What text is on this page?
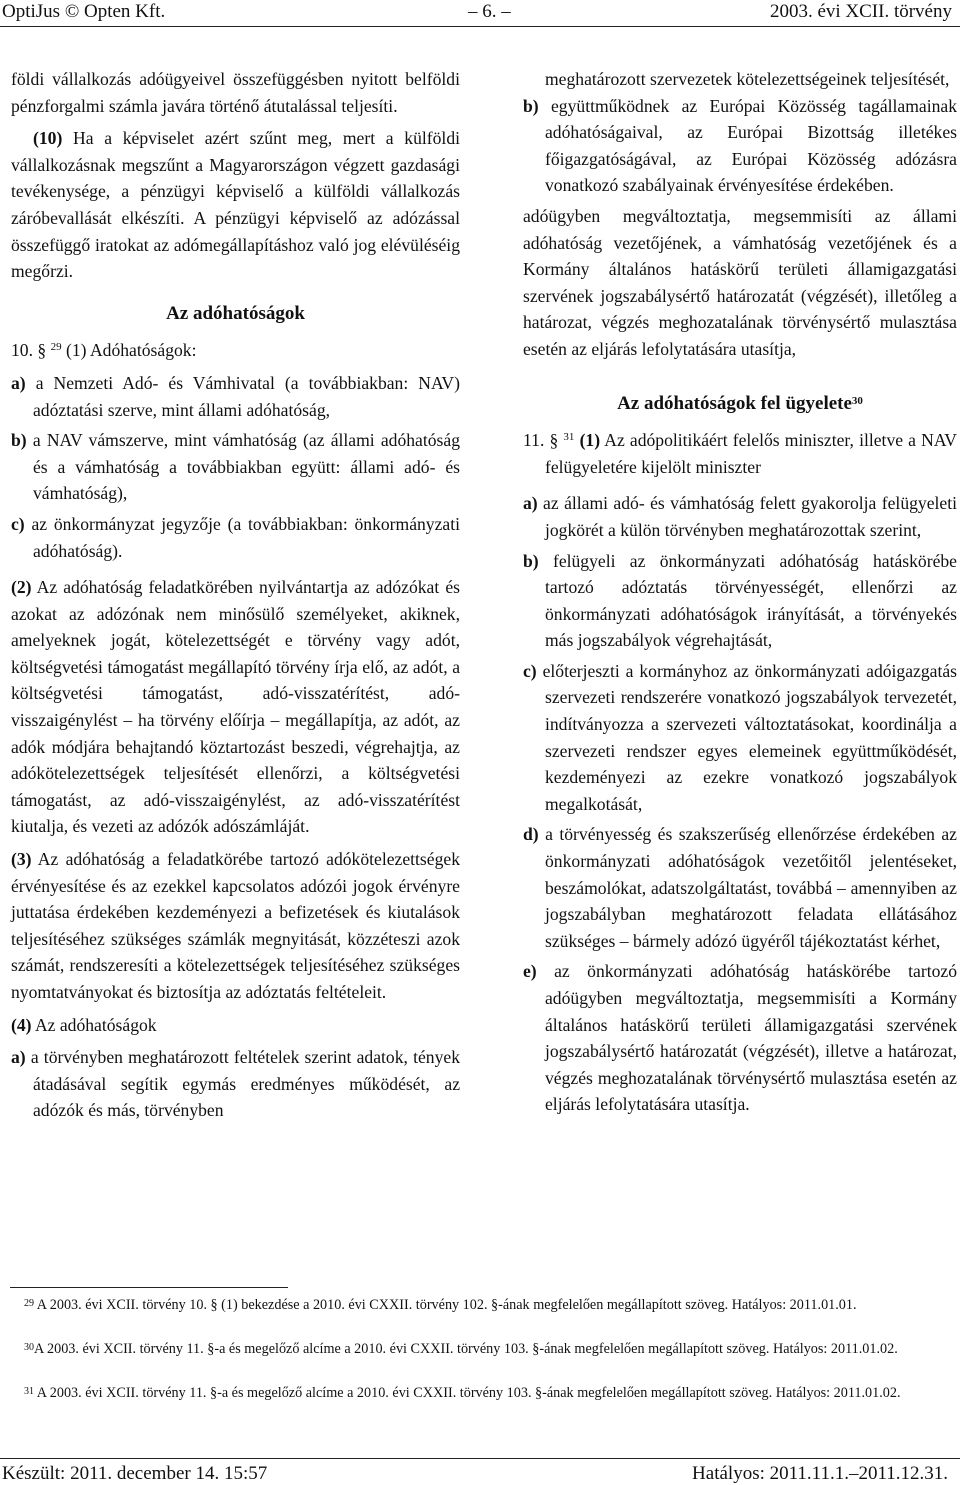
OptiJus © Opten Kft.	– 6. –	2003. évi XCII. törvény

földi vállalkozás adóügyeivel összefüggésben nyitott belföldi pénzforgalmi számla javára történő átutalással teljesíti.

(10) Ha a képviselet azért szűnt meg, mert a külföldi vállalkozásnak megszűnt a Magyarországon végzett gazdasági tevékenysége, a pénzügyi képviselő a külföldi vállalkozás záróbevallását elkészíti. A pénzügyi képviselő az adózással összefüggő iratokat az adómegállapításhoz való jog elévüléséig megőrzi.

Az adóhatóságok

10. § $^{29}$ (1) Adóhatóságok:

a) a Nemzeti Adó- és Vámhivatal (a továbbiakban: NAV) adóztatási szerve, mint állami adóhatóság,

b) a NAV vámszerve, mint vámhatóság (az állami adóhatóság és a vámhatóság a továbbiakban együtt: állami adó- és vámhatóság),

c) az önkormányzat jegyzője (a továbbiakban: önkormányzati adóhatóság).

(2) Az adóhatóság feladatkörében nyilvántartja az adózókat és azokat az adózónak nem minősülő személyeket, akiknek, amelyeknek jogát, kötelezettségét e törvény vagy adót, költségvetési támogatást megállapító törvény írja elő, az adót, a költségvetési támogatást, adó-visszatérítést, adó-visszaigénylést – ha törvény előírja – megállapítja, az adót, az adók módjára behajtandó köztartozást beszedi, végrehajtja, az adókötelezettségek teljesítését ellenőrzi, a költségvetési támogatást, az adó-visszaigénylést, az adó-visszatérítést kiutalja, és vezeti az adózók adószámláját.

(3) Az adóhatóság a feladatkörébe tartozó adókötelezettségek érvényesítése és az ezekkel kapcsolatos adózói jogok érvényre juttatása érdekében kezdeményezi a befizetések és kiutalások teljesítéséhez szükséges számlák megnyitását, közzéteszi azok számát, rendszeresíti a kötelezettségek teljesítéséhez szükséges nyomtatványokat és biztosítja az adóztatás feltételeit.

(4) Az adóhatóságok

a) a törvényben meghatározott feltételek szerint adatok, tények átadásával segítik egymás eredményes működését, az adózók és más, törvényben

meghatározott szervezetek kötelezettségeinek teljesítését,

b) együttműködnek az Európai Közösség tagállamainak adóhatóságaival, az Európai Bizottság illetékes főigazgatóságával, az Európai Közösség adózásra vonatkozó szabályainak érvényesítése érdekében.

adóügyben megváltoztatja, megsemmisíti az állami adóhatóság vezetőjének, a vámhatóság vezetőjének és a Kormány általános hatáskörű területi államigazgatási szervének jogszabálysértő határozatát (végzését), illetőleg a határozat, végzés meghozatalának törvénysértő mulasztása esetén az eljárás lefolytatására utasítja,

Az adóhatóságok fel ügyelete$^{30}$

11. § $^{31}$ (1) Az adópolitikáért felelős miniszter, illetve a NAV felügyeletére kijelölt miniszter

a) az állami adó- és vámhatóság felett gyakorolja felügyeleti jogkörét a külön törvényben meghatározottak szerint,

b) felügyeli az önkormányzati adóhatóság hatáskörébe tartozó adóztatás törvényességét, ellenőrzi az önkormányzati adóhatóságok irányítását, a törvényekés más jogszabályok végrehajtását,

c) előterjeszti a kormányhoz az önkormányzati adóigazgatás szervezeti rendszerére vonatkozó jogszabályok tervezetét, indítványozza a szervezeti változtatásokat, koordinálja a szervezeti rendszer egyes elemeinek együttműködését, kezdeményezi az ezekre vonatkozó jogszabályok megalkotását,

d) a törvényesség és szakszerűség ellenőrzése érdekében az önkormányzati adóhatóságok vezetőitől jelentéseket, beszámolókat, adatszolgáltatást, továbbá – amennyiben az jogszabályban meghatározott feladata ellátásához szükséges – bármely adózó ügyéről tájékoztatást kérhet,

e) az önkormányzati adóhatóság hatáskörébe tartozó adóügyben megváltoztatja, megsemmisíti a Kormány általános hatáskörű területi államigazgatási szervének jogszabálysértő határozatát (végzését), illetve a határozat, végzés meghozatalának törvénysértő mulasztása esetén az eljárás lefolytatására utasítja.

$^{29}$ A 2003. évi XCII. törvény 10. § (1) bekezdése a 2010. évi CXXII. törvény 102. §-ának megfelelően megállapított szöveg. Hatályos: 2011.01.01.

$^{30}$A 2003. évi XCII. törvény 11. §-a és megelőző alcíme a 2010. évi CXXII. törvény 103. §-ának megfelelően megállapított szöveg. Hatályos: 2011.01.02.

$^{31}$ A 2003. évi XCII. törvény 11. §-a és megelőző alcíme a 2010. évi CXXII. törvény 103. §-ának megfelelően megállapított szöveg. Hatályos: 2011.01.02.

Készült: 2011. december 14. 15:57	Hatályos: 2011.11.1.–2011.12.31.
